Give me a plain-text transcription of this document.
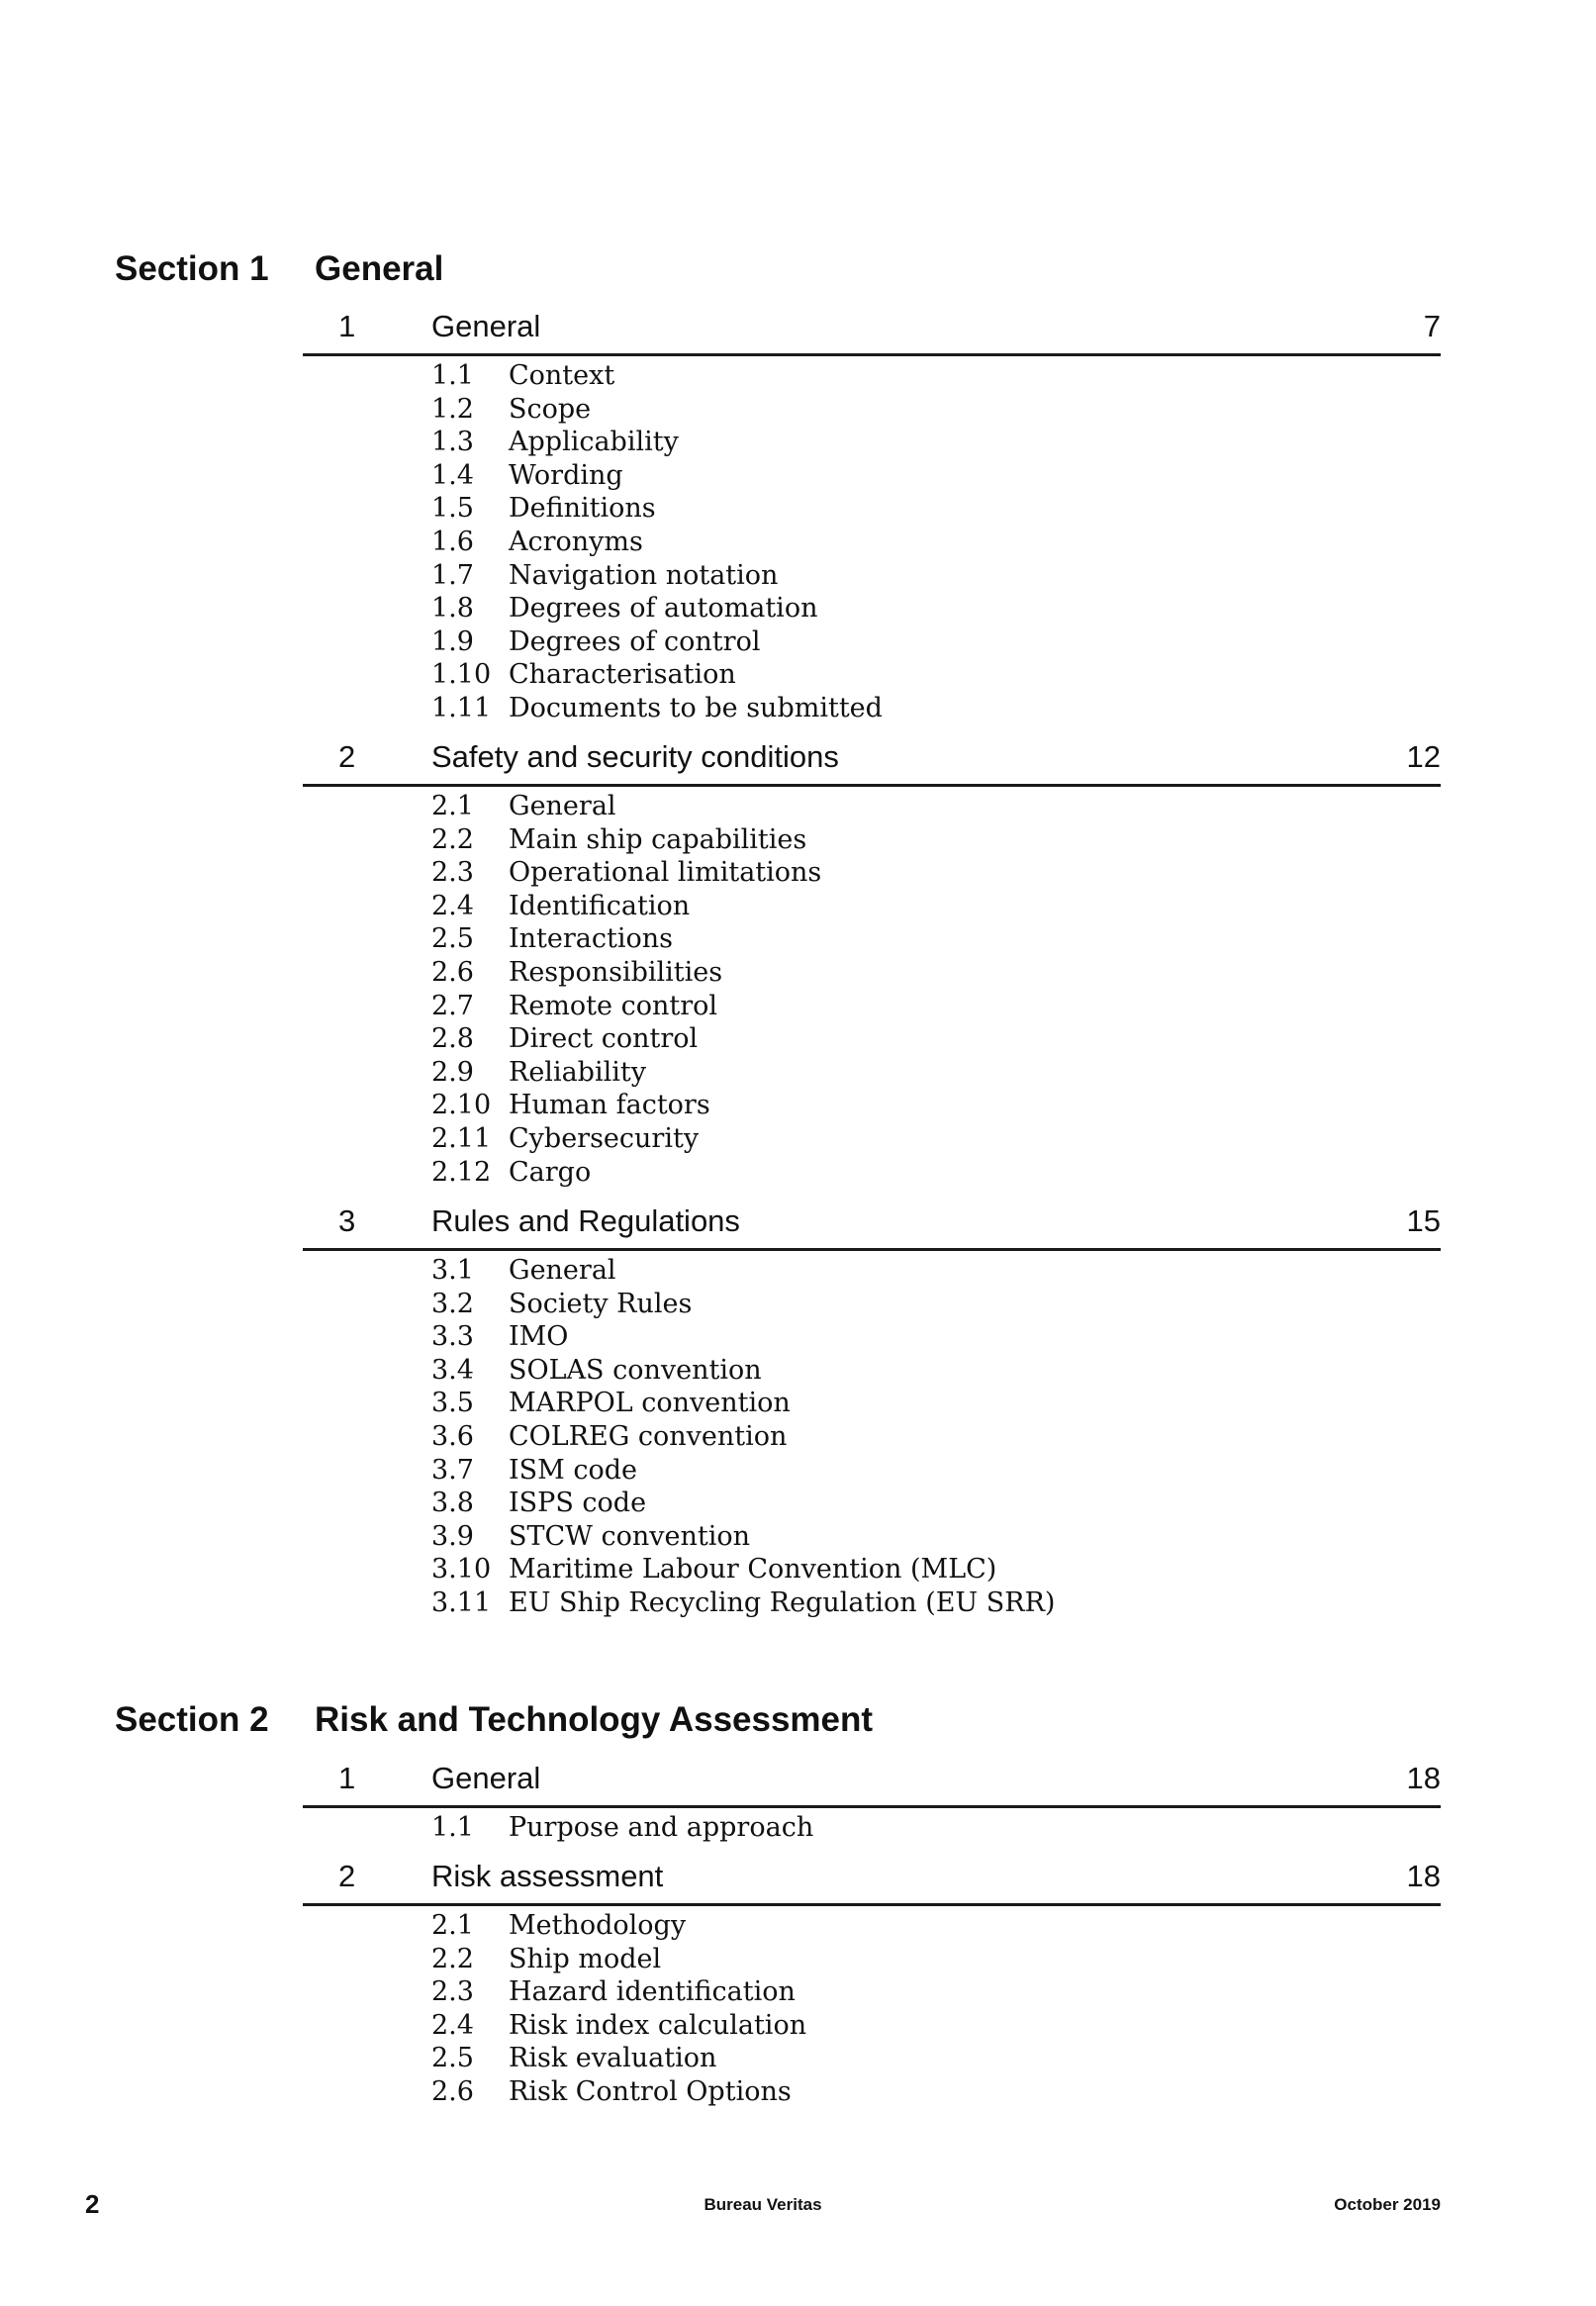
Section 1 General
1 General	7
1.1 Context
1.2 Scope
1.3 Applicability
1.4 Wording
1.5 Definitions
1.6 Acronyms
1.7 Navigation notation
1.8 Degrees of automation
1.9 Degrees of control
1.10 Characterisation
1.11 Documents to be submitted
2 Safety and security conditions	12
2.1 General
2.2 Main ship capabilities
2.3 Operational limitations
2.4 Identification
2.5 Interactions
2.6 Responsibilities
2.7 Remote control
2.8 Direct control
2.9 Reliability
2.10 Human factors
2.11 Cybersecurity
2.12 Cargo
3 Rules and Regulations	15
3.1 General
3.2 Society Rules
3.3 IMO
3.4 SOLAS convention
3.5 MARPOL convention
3.6 COLREG convention
3.7 ISM code
3.8 ISPS code
3.9 STCW convention
3.10 Maritime Labour Convention (MLC)
3.11 EU Ship Recycling Regulation (EU SRR)
Section 2 Risk and Technology Assessment
1 General	18
1.1 Purpose and approach
2 Risk assessment	18
2.1 Methodology
2.2 Ship model
2.3 Hazard identification
2.4 Risk index calculation
2.5 Risk evaluation
2.6 Risk Control Options
2	Bureau Veritas	October 2019
